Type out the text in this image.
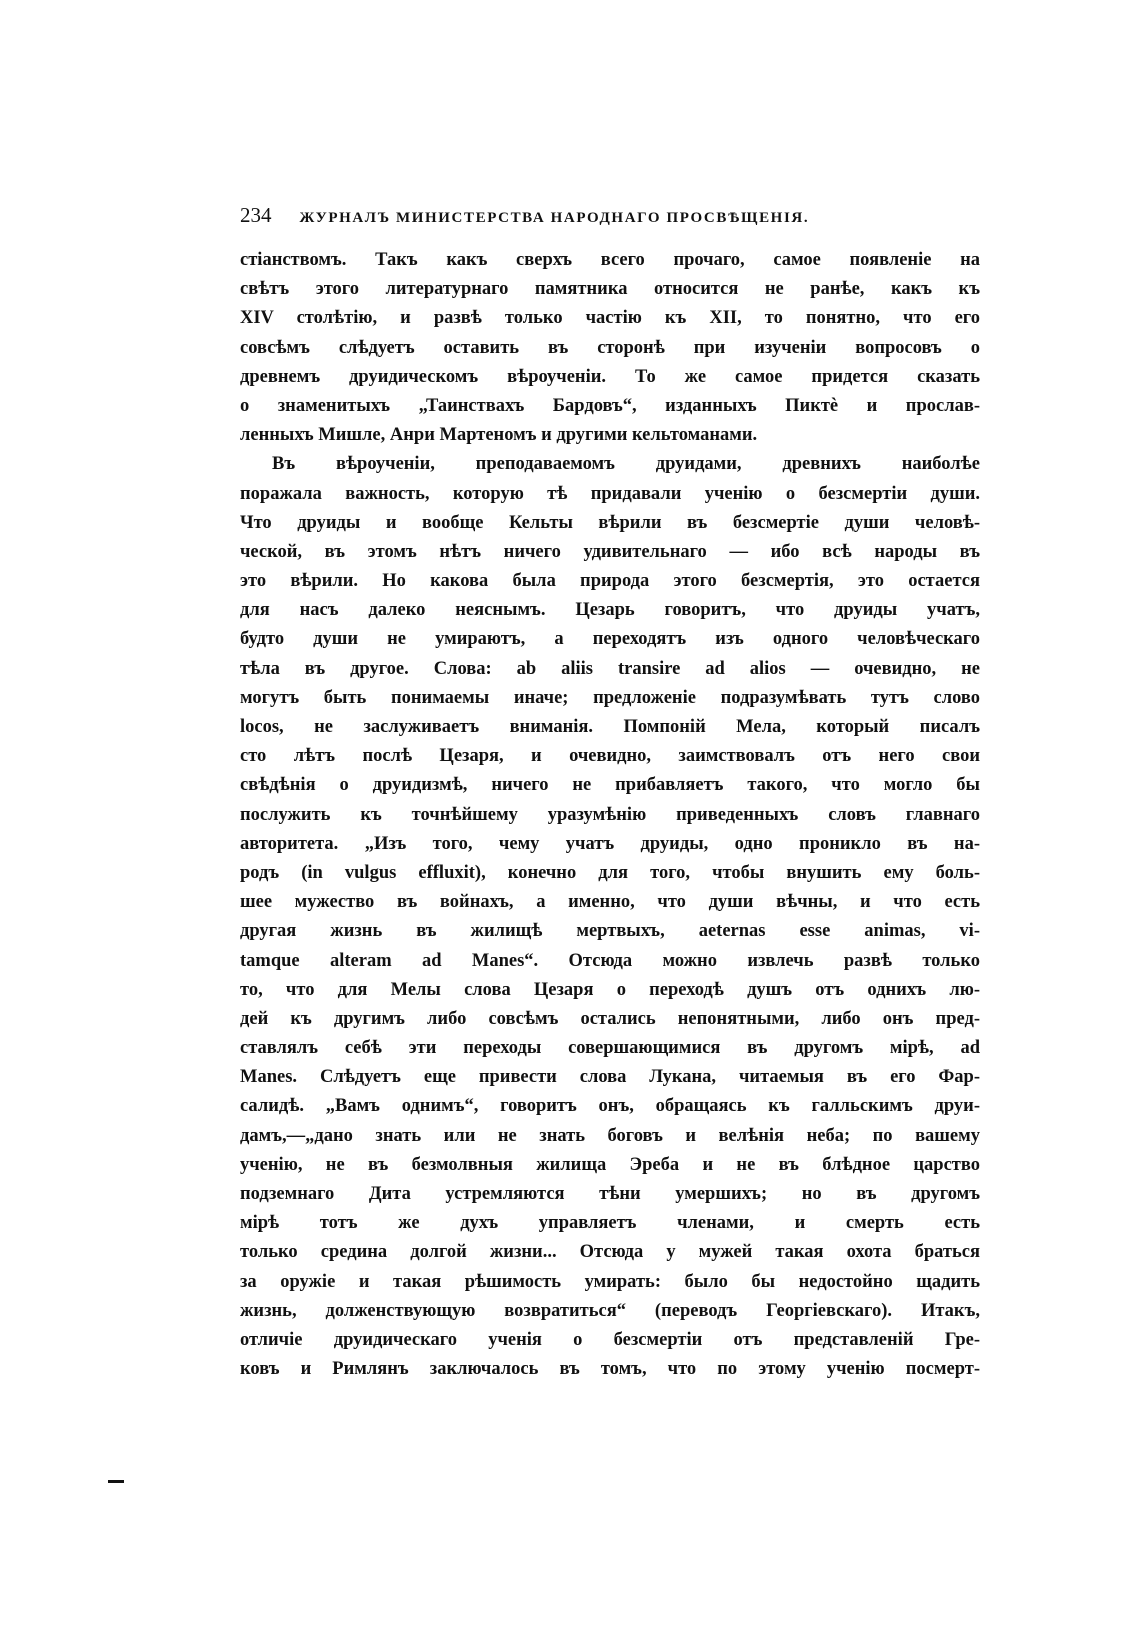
234 ЖУРНАЛЪ МИНИСТЕРСТВА НАРОДНАГО ПРОСВѢЩЕНІЯ.
стіанствомъ. Такъ какъ сверхъ всего прочаго, самое появленіе на
свѣтъ этого литературнаго памятника относится не ранѣе, какъ къ
XIV столѣтію, и развѣ только частію къ XII, то понятно, что его
совсѣмъ слѣдуетъ оставить въ сторонѣ при изученіи вопросовъ о
древнемъ друидическомъ вѣроученіи. То же самое придется сказать
о знаменитыхъ „Таинствахъ Бардовъ“, изданныхъ Пиктè и прослав-
ленныхъ Мишле, Анри Мартеномъ и другими кельтоманами.
Въ вѣроученіи, преподаваемомъ друидами, древнихъ наиболѣе
поражала важность, которую тѣ придавали ученію о безсмертіи души.
Что друиды и вообще Кельты вѣрили въ безсмертіе души человѣ-
ческой, въ этомъ нѣтъ ничего удивительнаго — ибо всѣ народы въ
это вѣрили. Но какова была природа этого безсмертія, это остается
для насъ далеко неяснымъ. Цезарь говоритъ, что друиды учатъ,
будто души не умираютъ, а переходятъ изъ одного человѣческаго
тѣла въ другое. Слова: ab aliis transire ad alios — очевидно, не
могутъ быть понимаемы иначе; предложеніе подразумѣвать тутъ слово
locos, не заслуживаетъ вниманія. Помпоній Мела, который писалъ
сто лѣтъ послѣ Цезаря, и очевидно, заимствовалъ отъ него свои
свѣдѣнія о друидизмѣ, ничего не прибавляетъ такого, что могло бы
послужить къ точнѣйшему уразумѣнію приведенныхъ словъ главнаго
авторитета. „Изъ того, чему учатъ друиды, одно проникло въ на-
родъ (in vulgus effluxit), конечно для того, чтобы внушить ему боль-
шее мужество въ войнахъ, а именно, что души вѣчны, и что есть
другая жизнь въ жилищѣ мертвыхъ, aeternas esse animas, vi-
tamque alteram ad Manes“. Отсюда можно извлечь развѣ только
то, что для Мелы слова Цезаря о переходѣ душъ отъ однихъ лю-
дей къ другимъ либо совсѣмъ остались непонятными, либо онъ пред-
ставлялъ себѣ эти переходы совершающимися въ другомъ мірѣ, ad
Manes. Слѣдуетъ еще привести слова Лукана, читаемыя въ его Фар-
салидѣ. „Вамъ однимъ“, говоритъ онъ, обращаясь къ галльскимъ друи-
дамъ,—„дано знать или не знать боговъ и велѣнія неба; по вашему
ученію, не въ безмолвныя жилища Эреба и не въ блѣдное царство
подземнаго Дита устремляются тѣни умершихъ; но въ другомъ
мірѣ тотъ же духъ управляетъ членами, и смерть есть
только средина долгой жизни... Отсюда у мужей такая охота браться
за оружіе и такая рѣшимость умирать: было бы недостойно щадить
жизнь, долженствующую возвратиться“ (переводъ Георгіевскаго). Итакъ,
отличіе друидическаго ученія о безсмертіи отъ представленій Гре-
ковъ и Римлянъ заключалось въ томъ, что по этому ученію посмерт-
